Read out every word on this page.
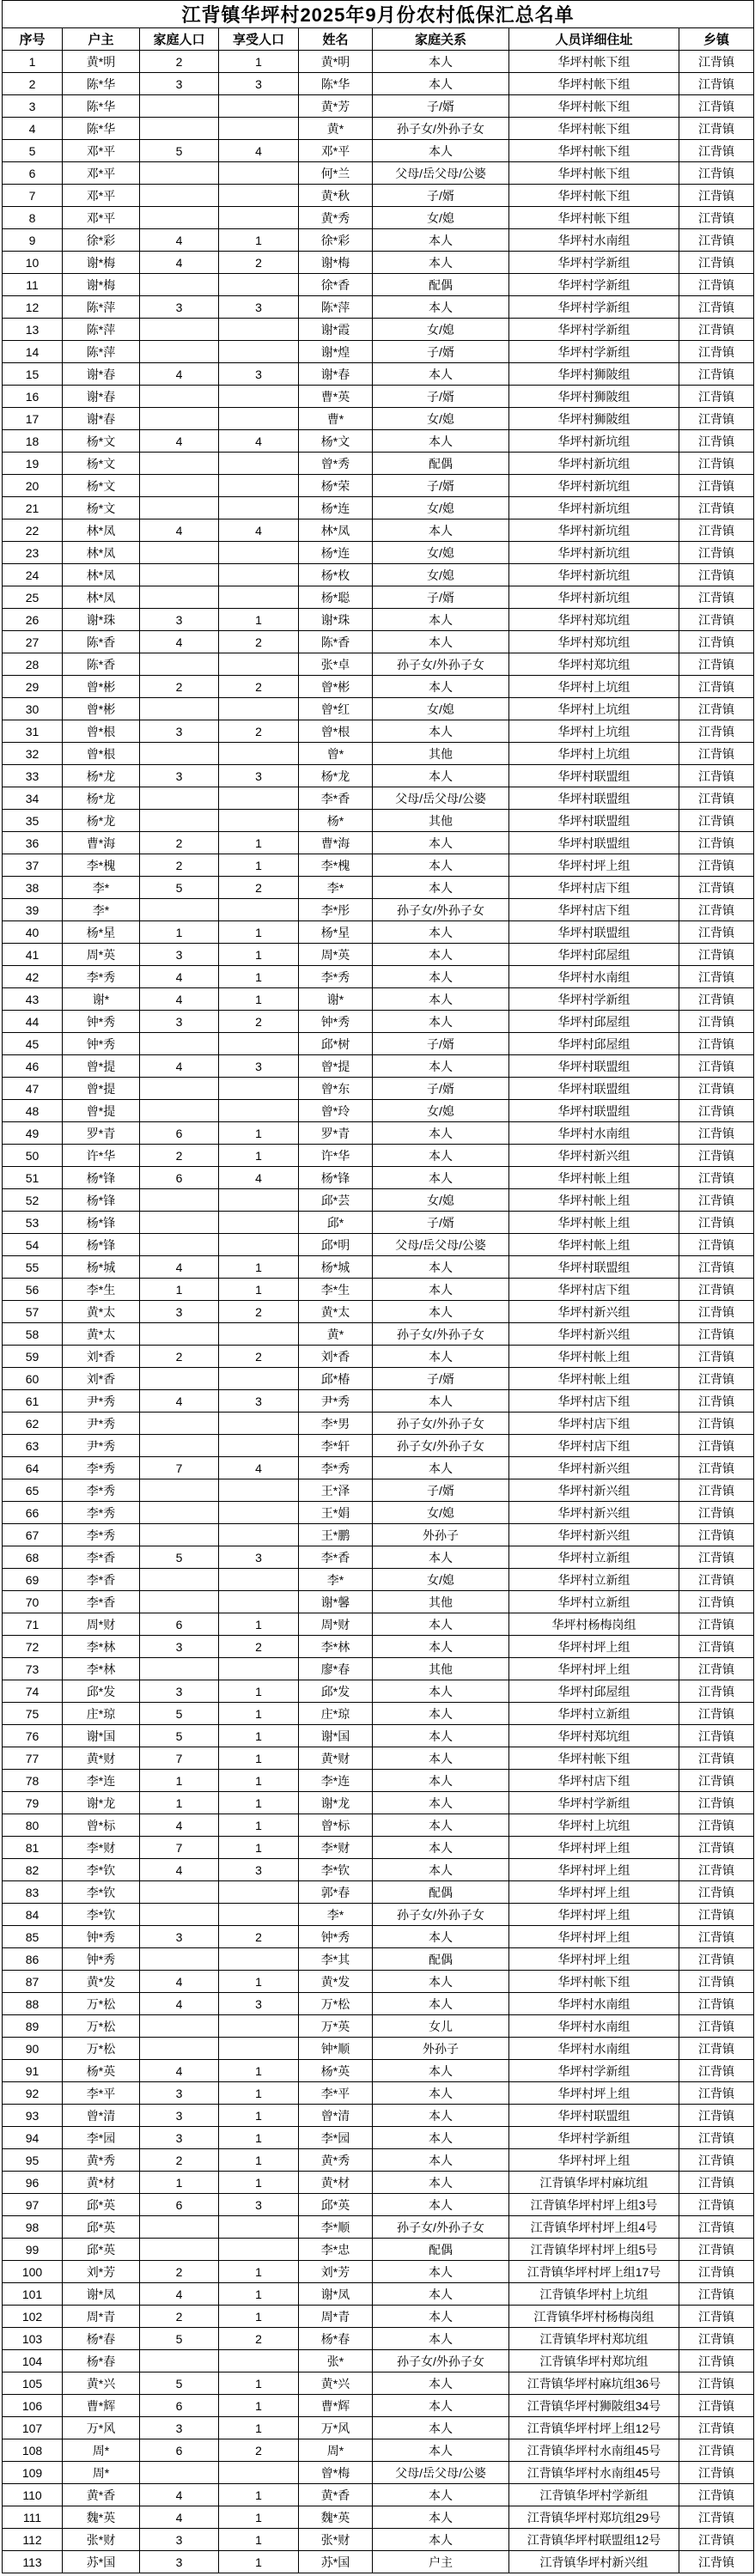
江背镇华坪村2025年9月份农村低保汇总名单							
序号	户主	家庭人口	享受人口	姓名	家庭关系	人员详细住址	乡镇
1	黄*明	2	1	黄*明	本人	华坪村帐下组	江背镇
2	陈*华	3	3	陈*华	本人	华坪村帐下组	江背镇
3	陈*华			黄*芳	子/婿	华坪村帐下组	江背镇
4	陈*华			黄*	孙子女/外孙子女	华坪村帐下组	江背镇
5	邓*平	5	4	邓*平	本人	华坪村帐下组	江背镇
6	邓*平			何*兰	父母/岳父母/公婆	华坪村帐下组	江背镇
7	邓*平			黄*秋	子/婿	华坪村帐下组	江背镇
8	邓*平			黄*秀	女/媳	华坪村帐下组	江背镇
9	徐*彩	4	1	徐*彩	本人	华坪村水南组	江背镇
10	谢*梅	4	2	谢*梅	本人	华坪村学新组	江背镇
11	谢*梅			徐*香	配偶	华坪村学新组	江背镇
12	陈*萍	3	3	陈*萍	本人	华坪村学新组	江背镇
13	陈*萍			谢*霞	女/媳	华坪村学新组	江背镇
14	陈*萍			谢*煌	子/婿	华坪村学新组	江背镇
15	谢*春	4	3	谢*春	本人	华坪村狮陂组	江背镇
16	谢*春			曹*英	子/婿	华坪村狮陂组	江背镇
17	谢*春			曹*	女/媳	华坪村狮陂组	江背镇
18	杨*文	4	4	杨*文	本人	华坪村新坑组	江背镇
19	杨*文			曾*秀	配偶	华坪村新坑组	江背镇
20	杨*文			杨*荣	子/婿	华坪村新坑组	江背镇
21	杨*文			杨*连	女/媳	华坪村新坑组	江背镇
22	林*凤	4	4	林*凤	本人	华坪村新坑组	江背镇
23	林*凤			杨*连	女/媳	华坪村新坑组	江背镇
24	林*凤			杨*枚	女/媳	华坪村新坑组	江背镇
25	林*凤			杨*聪	子/婿	华坪村新坑组	江背镇
26	谢*珠	3	1	谢*珠	本人	华坪村郑坑组	江背镇
27	陈*香	4	2	陈*香	本人	华坪村郑坑组	江背镇
28	陈*香			张*卓	孙子女/外孙子女	华坪村郑坑组	江背镇
29	曾*彬	2	2	曾*彬	本人	华坪村上坑组	江背镇
30	曾*彬			曾*红	女/媳	华坪村上坑组	江背镇
31	曾*根	3	2	曾*根	本人	华坪村上坑组	江背镇
32	曾*根			曾*	其他	华坪村上坑组	江背镇
33	杨*龙	3	3	杨*龙	本人	华坪村联盟组	江背镇
34	杨*龙			李*香	父母/岳父母/公婆	华坪村联盟组	江背镇
35	杨*龙			杨*	其他	华坪村联盟组	江背镇
36	曹*海	2	1	曹*海	本人	华坪村联盟组	江背镇
37	李*槐	2	1	李*槐	本人	华坪村坪上组	江背镇
38	李*	5	2	李*	本人	华坪村店下组	江背镇
39	李*			李*彤	孙子女/外孙子女	华坪村店下组	江背镇
40	杨*星	1	1	杨*星	本人	华坪村联盟组	江背镇
41	周*英	3	1	周*英	本人	华坪村邱屋组	江背镇
42	李*秀	4	1	李*秀	本人	华坪村水南组	江背镇
43	谢*	4	1	谢*	本人	华坪村学新组	江背镇
44	钟*秀	3	2	钟*秀	本人	华坪村邱屋组	江背镇
45	钟*秀			邱*树	子/婿	华坪村邱屋组	江背镇
46	曾*提	4	3	曾*提	本人	华坪村联盟组	江背镇
47	曾*提			曾*东	子/婿	华坪村联盟组	江背镇
48	曾*提			曾*玲	女/媳	华坪村联盟组	江背镇
49	罗*青	6	1	罗*青	本人	华坪村水南组	江背镇
50	许*华	2	1	许*华	本人	华坪村新兴组	江背镇
51	杨*锋	6	4	杨*锋	本人	华坪村帐上组	江背镇
52	杨*锋			邱*芸	女/媳	华坪村帐上组	江背镇
53	杨*锋			邱*	子/婿	华坪村帐上组	江背镇
54	杨*锋			邱*明	父母/岳父母/公婆	华坪村帐上组	江背镇
55	杨*城	4	1	杨*城	本人	华坪村联盟组	江背镇
56	李*生	1	1	李*生	本人	华坪村店下组	江背镇
57	黄*太	3	2	黄*太	本人	华坪村新兴组	江背镇
58	黄*太			黄*	孙子女/外孙子女	华坪村新兴组	江背镇
59	刘*香	2	2	刘*香	本人	华坪村帐上组	江背镇
60	刘*香			邱*椿	子/婿	华坪村帐上组	江背镇
61	尹*秀	4	3	尹*秀	本人	华坪村店下组	江背镇
62	尹*秀			李*男	孙子女/外孙子女	华坪村店下组	江背镇
63	尹*秀			李*轩	孙子女/外孙子女	华坪村店下组	江背镇
64	李*秀	7	4	李*秀	本人	华坪村新兴组	江背镇
65	李*秀			王*泽	子/婿	华坪村新兴组	江背镇
66	李*秀			王*娟	女/媳	华坪村新兴组	江背镇
67	李*秀			王*鹏	外孙子	华坪村新兴组	江背镇
68	李*香	5	3	李*香	本人	华坪村立新组	江背镇
69	李*香			李*	女/媳	华坪村立新组	江背镇
70	李*香			谢*馨	其他	华坪村立新组	江背镇
71	周*财	6	1	周*财	本人	华坪村杨梅岗组	江背镇
72	李*林	3	2	李*林	本人	华坪村坪上组	江背镇
73	李*林			廖*春	其他	华坪村坪上组	江背镇
74	邱*发	3	1	邱*发	本人	华坪村邱屋组	江背镇
75	庄*琼	5	1	庄*琼	本人	华坪村立新组	江背镇
76	谢*国	5	1	谢*国	本人	华坪村郑坑组	江背镇
77	黄*财	7	1	黄*财	本人	华坪村帐下组	江背镇
78	李*连	1	1	李*连	本人	华坪村店下组	江背镇
79	谢*龙	1	1	谢*龙	本人	华坪村学新组	江背镇
80	曾*标	4	1	曾*标	本人	华坪村上坑组	江背镇
81	李*财	7	1	李*财	本人	华坪村坪上组	江背镇
82	李*钦	4	3	李*钦	本人	华坪村坪上组	江背镇
83	李*钦			郭*春	配偶	华坪村坪上组	江背镇
84	李*钦			李*	孙子女/外孙子女	华坪村坪上组	江背镇
85	钟*秀	3	2	钟*秀	本人	华坪村坪上组	江背镇
86	钟*秀			李*其	配偶	华坪村坪上组	江背镇
87	黄*发	4	1	黄*发	本人	华坪村帐下组	江背镇
88	万*松	4	3	万*松	本人	华坪村水南组	江背镇
89	万*松			万*英	女儿	华坪村水南组	江背镇
90	万*松			钟*顺	外孙子	华坪村水南组	江背镇
91	杨*英	4	1	杨*英	本人	华坪村学新组	江背镇
92	李*平	3	1	李*平	本人	华坪村坪上组	江背镇
93	曾*清	3	1	曾*清	本人	华坪村联盟组	江背镇
94	李*园	3	1	李*园	本人	华坪村学新组	江背镇
95	黄*秀	2	1	黄*秀	本人	华坪村坪上组	江背镇
96	黄*材	1	1	黄*材	本人	江背镇华坪村麻坑组	江背镇
97	邱*英	6	3	邱*英	本人	江背镇华坪村坪上组3号	江背镇
98	邱*英			李*顺	孙子女/外孙子女	江背镇华坪村坪上组4号	江背镇
99	邱*英			李*忠	配偶	江背镇华坪村坪上组5号	江背镇
100	刘*芳	2	1	刘*芳	本人	江背镇华坪村坪上组17号	江背镇
101	谢*凤	4	1	谢*凤	本人	江背镇华坪村上坑组	江背镇
102	周*青	2	1	周*青	本人	江背镇华坪村杨梅岗组	江背镇
103	杨*春	5	2	杨*春	本人	江背镇华坪村郑坑组	江背镇
104	杨*春			张*	孙子女/外孙子女	江背镇华坪村郑坑组	江背镇
105	黄*兴	5	1	黄*兴	本人	江背镇华坪村麻坑组36号	江背镇
106	曹*辉	6	1	曹*辉	本人	江背镇华坪村狮陂组34号	江背镇
107	万*风	3	1	万*风	本人	江背镇华坪村坪上组12号	江背镇
108	周*	6	2	周*	本人	江背镇华坪村水南组45号	江背镇
109	周*			曾*梅	父母/岳父母/公婆	江背镇华坪村水南组45号	江背镇
110	黄*香	4	1	黄*香	本人	江背镇华坪村学新组	江背镇
111	魏*英	4	1	魏*英	本人	江背镇华坪村郑坑组29号	江背镇
112	张*财	3	1	张*财	本人	江背镇华坪村联盟组12号	江背镇
113	苏*国	3	1	苏*国	户主	江背镇华坪村新兴组	江背镇
